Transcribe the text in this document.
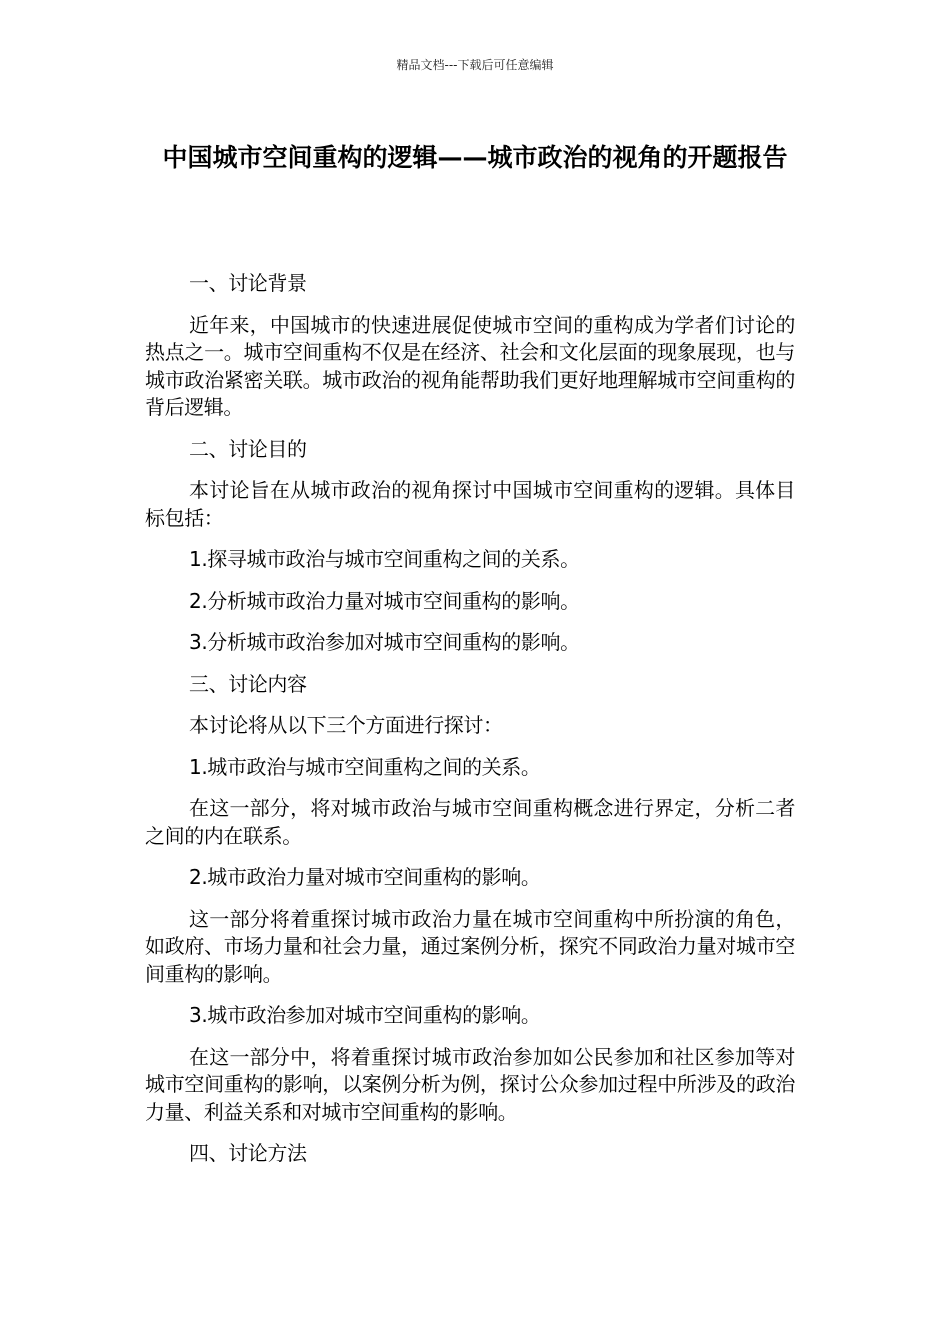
精品文档---下载后可任意编辑
中国城市空间重构的逻辑——城市政治的视角的开题报告

一、讨论背景

近年来，中国城市的快速进展促使城市空间的重构成为学者们讨论的热点之一。城市空间重构不仅是在经济、社会和文化层面的现象展现，也与城市政治紧密关联。城市政治的视角能帮助我们更好地理解城市空间重构的背后逻辑。

二、讨论目的

本讨论旨在从城市政治的视角探讨中国城市空间重构的逻辑。具体目标包括：

1.探寻城市政治与城市空间重构之间的关系。

2.分析城市政治力量对城市空间重构的影响。

3.分析城市政治参加对城市空间重构的影响。

三、讨论内容

本讨论将从以下三个方面进行探讨：

1.城市政治与城市空间重构之间的关系。

在这一部分，将对城市政治与城市空间重构概念进行界定，分析二者之间的内在联系。

2.城市政治力量对城市空间重构的影响。

这一部分将着重探讨城市政治力量在城市空间重构中所扮演的角色，如政府、市场力量和社会力量，通过案例分析，探究不同政治力量对城市空间重构的影响。

3.城市政治参加对城市空间重构的影响。

在这一部分中，将着重探讨城市政治参加如公民参加和社区参加等对城市空间重构的影响，以案例分析为例，探讨公众参加过程中所涉及的政治力量、利益关系和对城市空间重构的影响。

四、讨论方法
